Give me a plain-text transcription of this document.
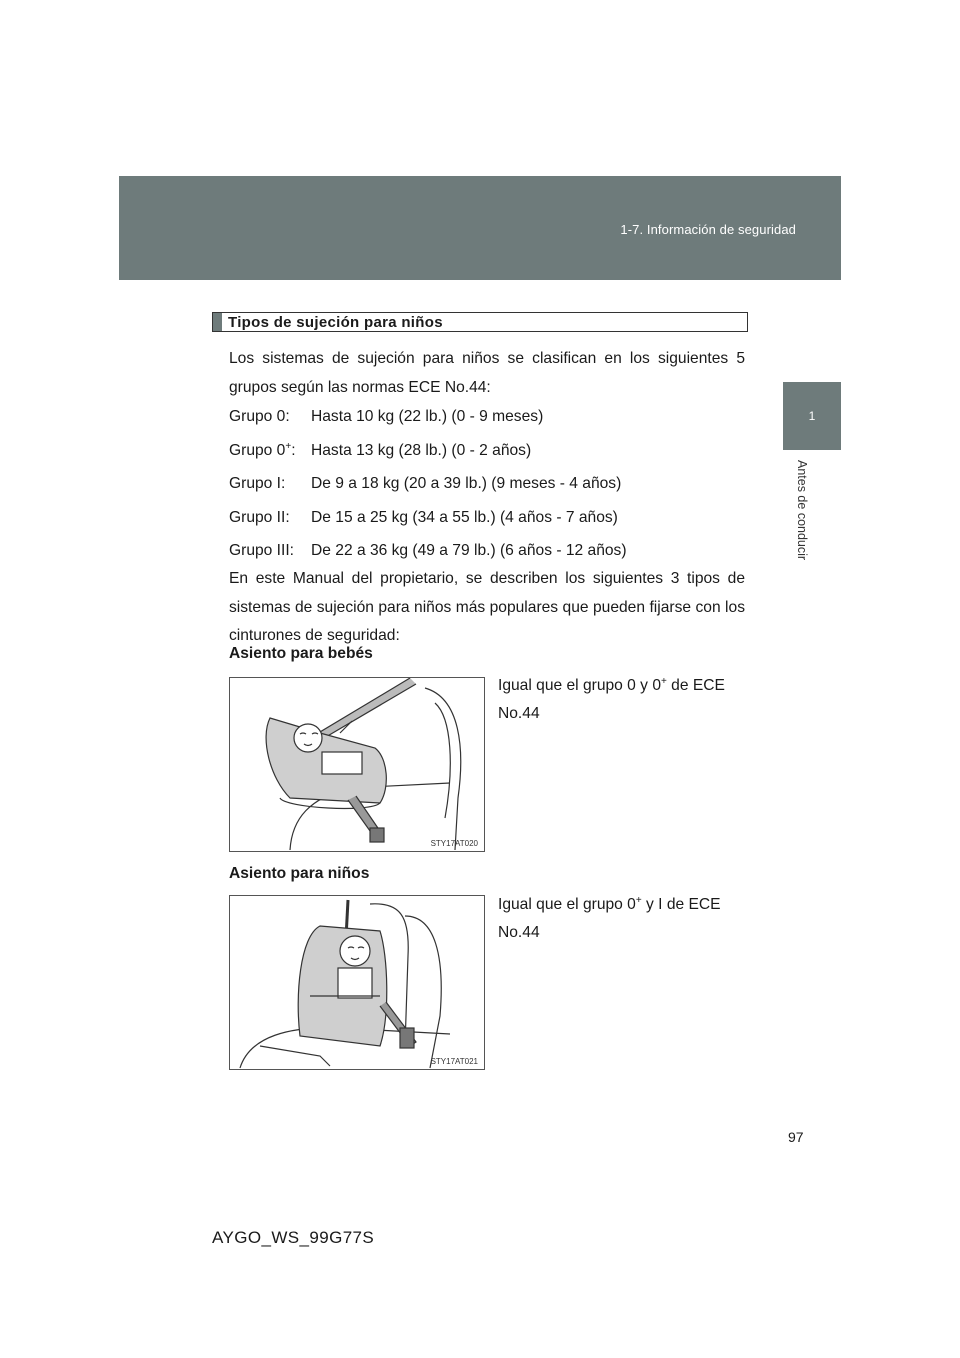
1-7. Información de seguridad
1
Antes de conducir
Tipos de sujeción para niños
Los sistemas de sujeción para niños se clasifican en los siguientes 5 grupos según las normas ECE No.44:
Grupo 0:	Hasta 10 kg (22 lb.) (0 - 9 meses)
Grupo 0+: Hasta 13 kg (28 lb.) (0 - 2 años)
Grupo I:	De 9 a 18 kg (20 a 39 lb.) (9 meses - 4 años)
Grupo II:	De 15 a 25 kg (34 a 55 lb.) (4 años - 7 años)
Grupo III:	De 22 a 36 kg (49 a 79 lb.) (6 años - 12 años)
En este Manual del propietario, se describen los siguientes 3 tipos de sistemas de sujeción para niños más populares que pueden fijarse con los cinturones de seguridad:
Asiento para bebés
Igual que el grupo 0 y 0+ de ECE No.44
STY17AT020
Asiento para niños
Igual que el grupo 0+ y I de ECE No.44
STY17AT021
97
AYGO_WS_99G77S
